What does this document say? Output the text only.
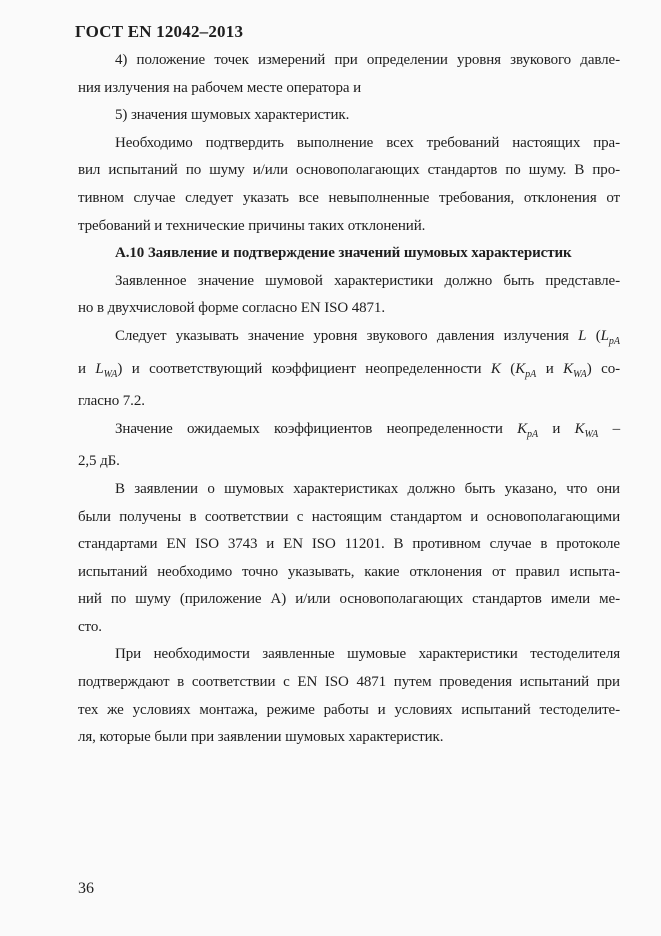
ГОСТ EN 12042–2013
4) положение точек измерений при определении уровня звукового давле-
ния излучения на рабочем месте оператора и
5) значения шумовых характеристик.
Необходимо подтвердить выполнение всех требований настоящих пра-
вил испытаний по шуму и/или основополагающих стандартов по шуму. В про-
тивном случае следует указать все невыполненные требования, отклонения от
требований и технические причины таких отклонений.
А.10 Заявление и подтверждение значений шумовых характеристик
Заявленное значение шумовой характеристики должно быть представле-
но в двухчисловой форме согласно EN ISO 4871.
Следует указывать значение уровня звукового давления излучения L ($L_{pA}$
и $L_{WA}$) и соответствующий коэффициент неопределенности K ($K_{pA}$ и $K_{WA}$) со-
гласно 7.2.
Значение ожидаемых коэффициентов неопределенности $K_{pA}$ и $K_{WA}$ –
2,5 дБ.
В заявлении о шумовых характеристиках должно быть указано, что они
были получены в соответствии с настоящим стандартом и основополагающими
стандартами EN ISO 3743 и EN ISO 11201. В противном случае в протоколе
испытаний необходимо точно указывать, какие отклонения от правил испыта-
ний по шуму (приложение А) и/или основополагающих стандартов имели ме-
сто.
При необходимости заявленные шумовые характеристики тестоделителя
подтверждают в соответствии с EN ISO 4871 путем проведения испытаний при
тех же условиях монтажа, режиме работы и условиях испытаний тестоделите-
ля, которые были при заявлении шумовых характеристик.
36
